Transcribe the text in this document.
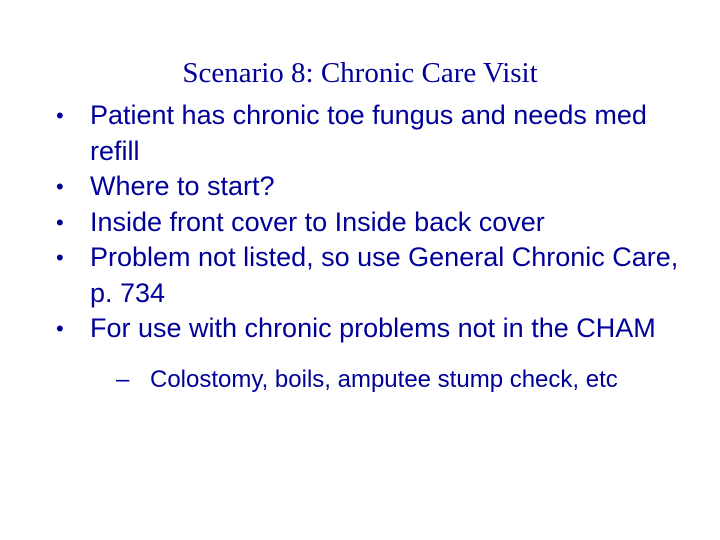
Scenario 8: Chronic Care Visit
• Patient has chronic toe fungus and needs med refill
• Where to start?
• Inside front cover to Inside back cover
• Problem not listed, so use General Chronic Care, p. 734
• For use with chronic problems not in the CHAM
– Colostomy, boils, amputee stump check, etc
